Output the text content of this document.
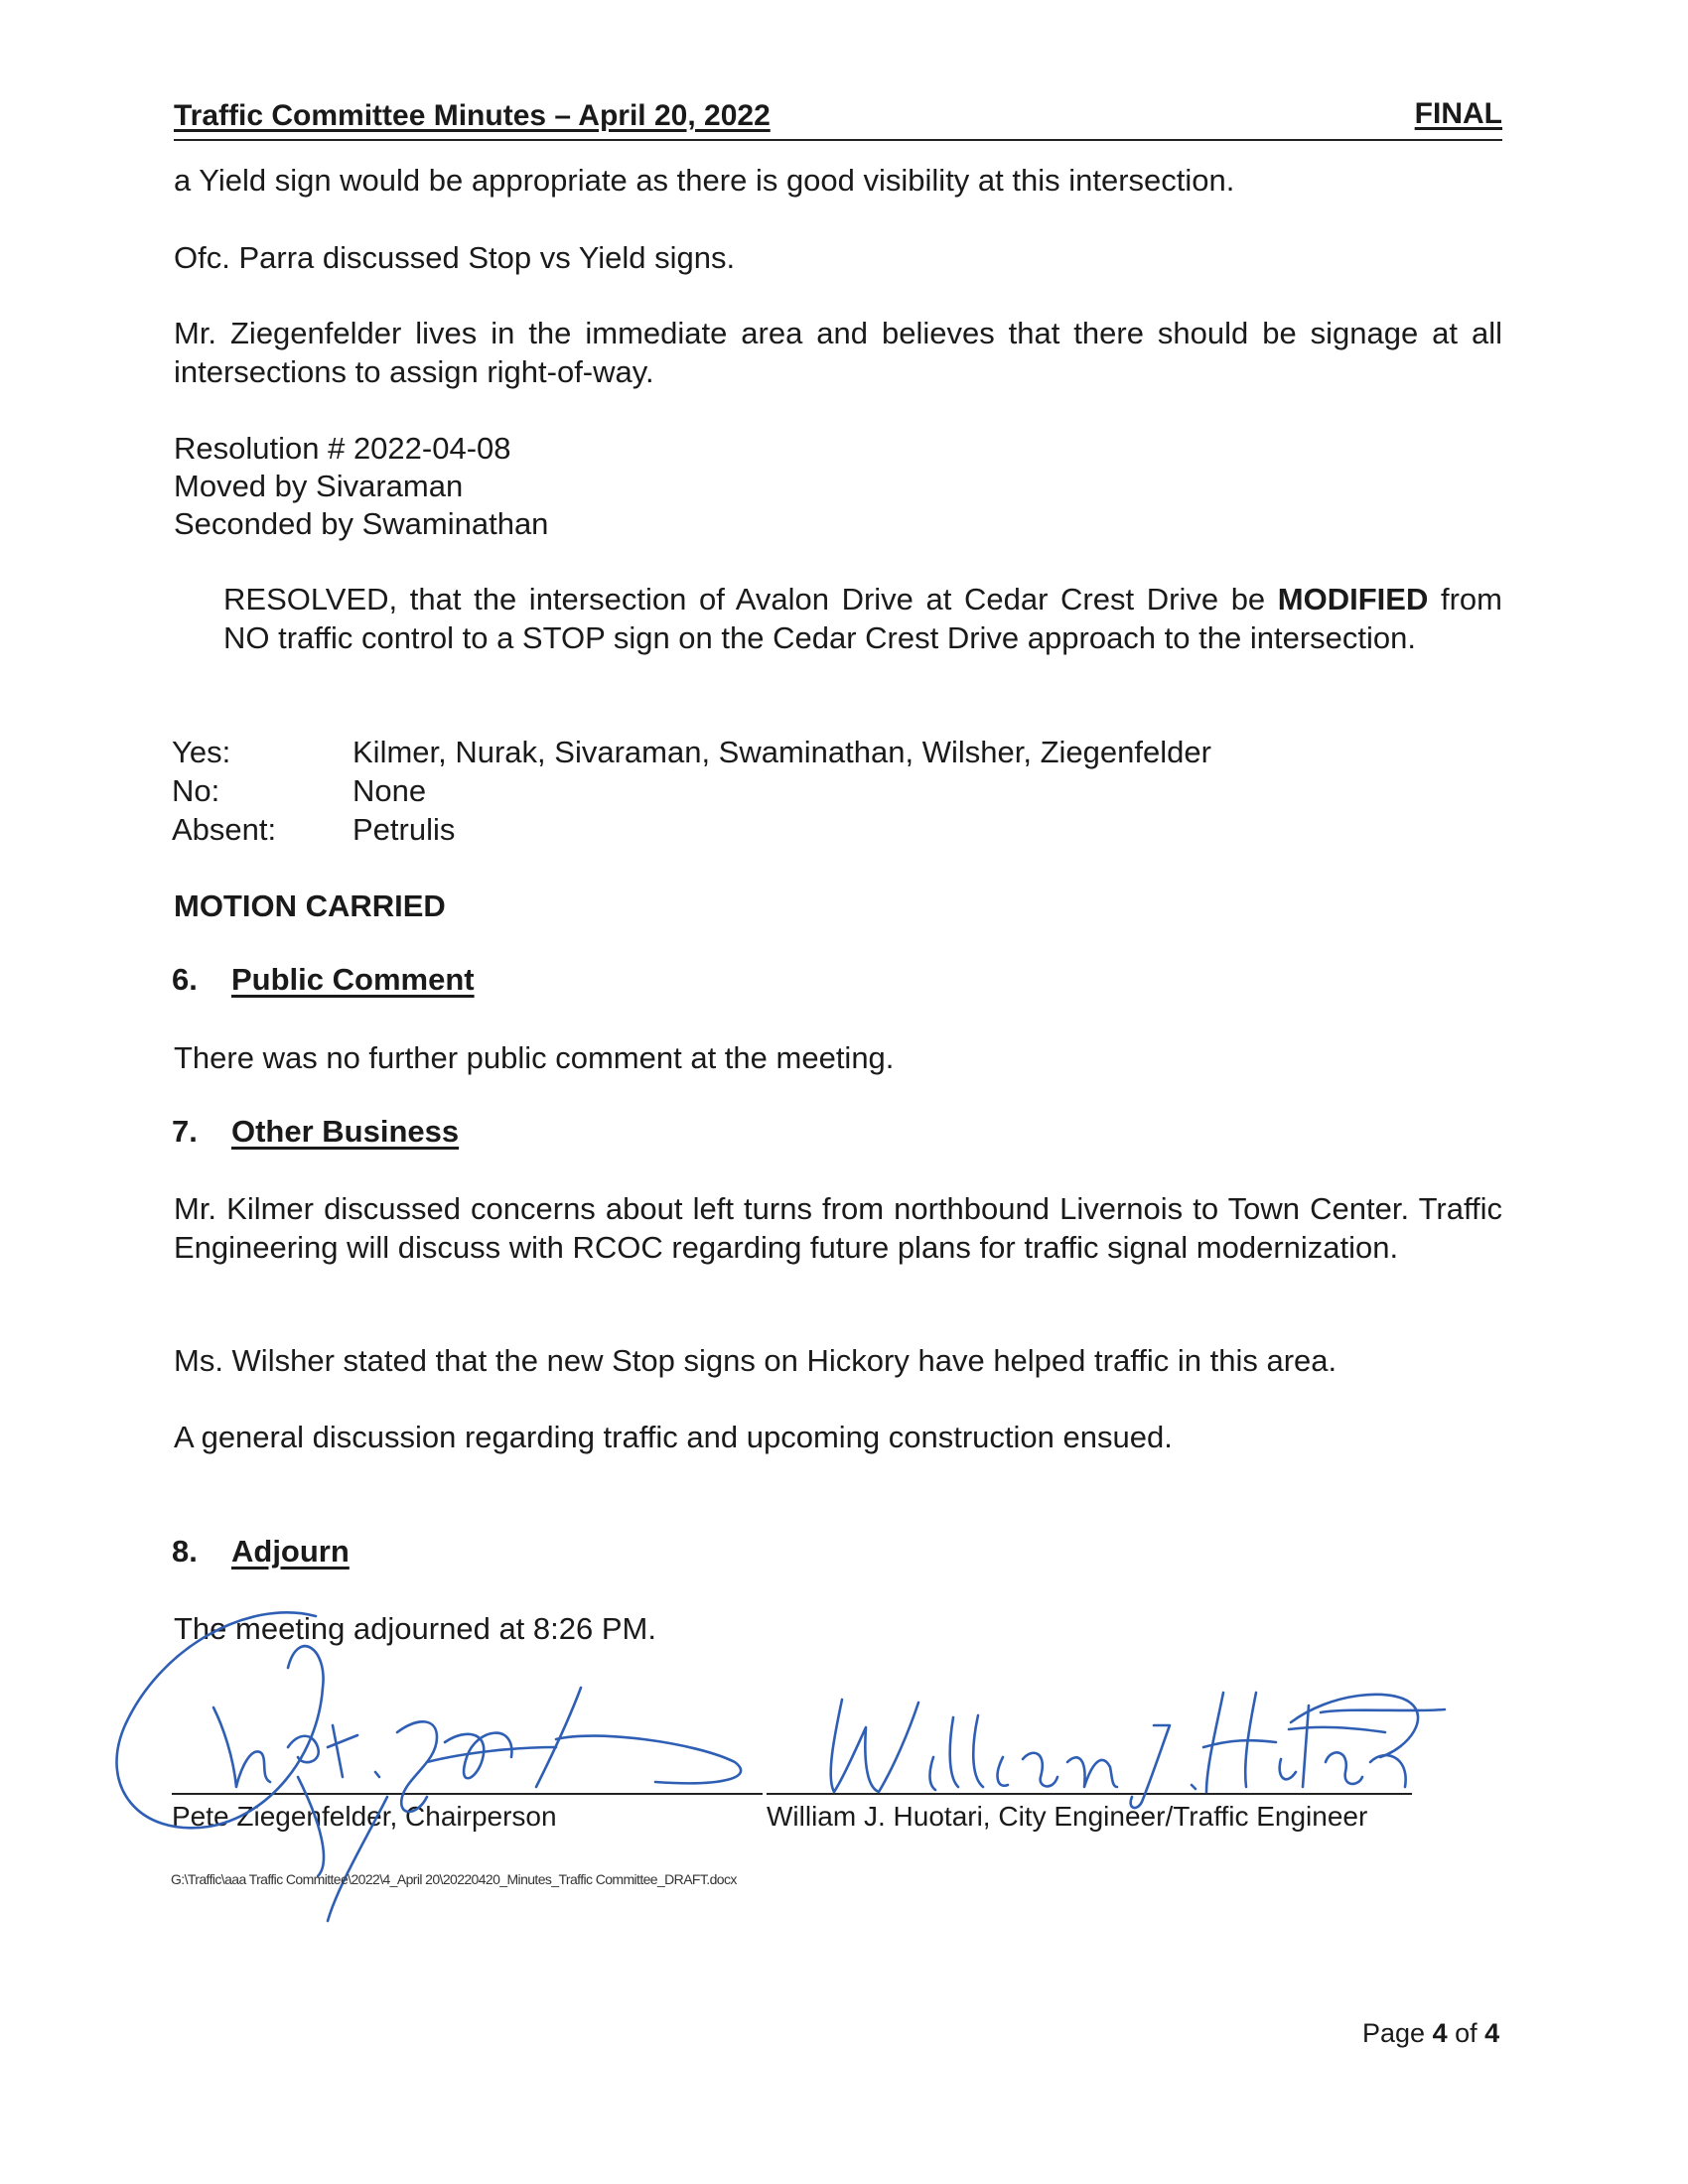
Traffic Committee Minutes – April 20, 2022	FINAL
a Yield sign would be appropriate as there is good visibility at this intersection.
Ofc. Parra discussed Stop vs Yield signs.
Mr. Ziegenfelder lives in the immediate area and believes that there should be signage at all intersections to assign right-of-way.
Resolution # 2022-04-08
Moved by Sivaraman
Seconded by Swaminathan
RESOLVED, that the intersection of Avalon Drive at Cedar Crest Drive be MODIFIED from NO traffic control to a STOP sign on the Cedar Crest Drive approach to the intersection.
Yes:	Kilmer, Nurak, Sivaraman, Swaminathan, Wilsher, Ziegenfelder
No:	None
Absent: Petrulis
MOTION CARRIED
6. Public Comment
There was no further public comment at the meeting.
7. Other Business
Mr. Kilmer discussed concerns about left turns from northbound Livernois to Town Center. Traffic Engineering will discuss with RCOC regarding future plans for traffic signal modernization.
Ms. Wilsher stated that the new Stop signs on Hickory have helped traffic in this area.
A general discussion regarding traffic and upcoming construction ensued.
8. Adjourn
The meeting adjourned at 8:26 PM.
Pete Ziegenfelder, Chairperson	William J. Huotari, City Engineer/Traffic Engineer
G:\Traffic\aaa Traffic Committee\2022\4_April 20\20220420_Minutes_Traffic Committee_DRAFT.docx
Page 4 of 4
